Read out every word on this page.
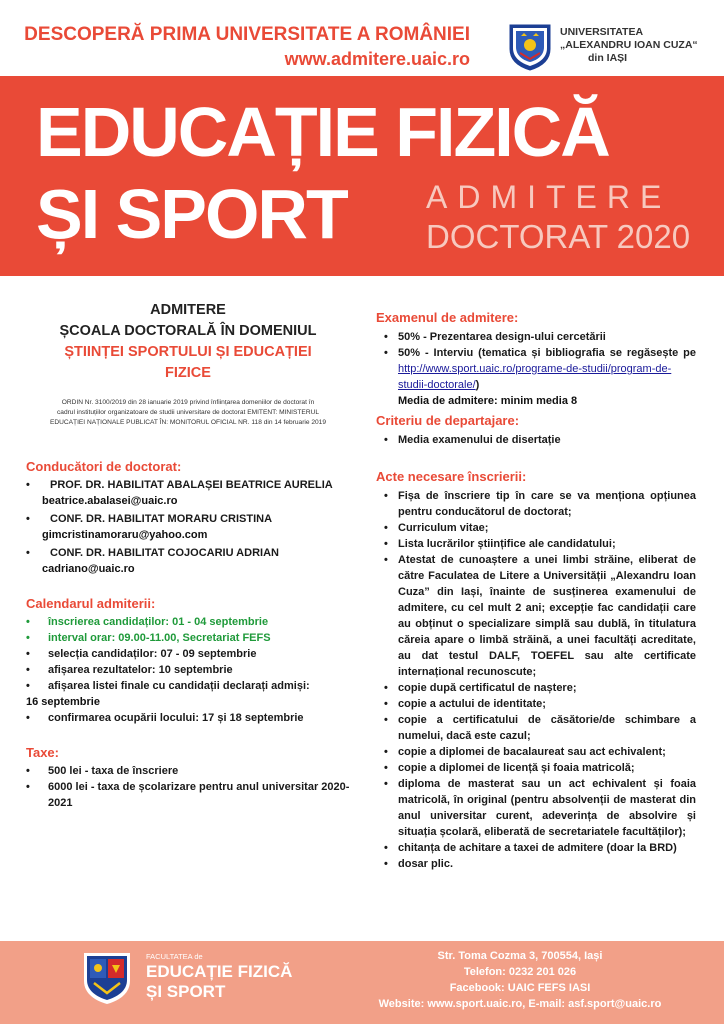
DESCOPERĂ PRIMA UNIVERSITATE A ROMÂNIEI
www.admitere.uaic.ro
UNIVERSITATEA
„ALEXANDRU IOAN CUZA“
din IAȘI
EDUCAȚIE FIZICĂ
ȘI SPORT ADMITERE
DOCTORAT 2020
ADMITERE
ȘCOALA DOCTORALĂ ÎN DOMENIUL
ȘTIINȚEI SPORTULUI ȘI EDUCAȚIEI
FIZICE
ORDIN Nr. 3100/2019 din 28 ianuarie 2019 privind înființarea domeniilor de doctorat în
cadrul instituțiilor organizatoare de studii universitare de doctorat EMITENT: MINISTERUL
EDUCAȚIEI NAȚIONALE PUBLICAT ÎN: MONITORUL OFICIAL NR. 118 din 14 februarie 2019
Conducători de doctorat:
•	PROF. DR. HABILITAT ABALAȘEI BEATRICE AURELIA
beatrice.abalasei@uaic.ro
•	CONF. DR. HABILITAT MORARU CRISTINA
gimcristinamoraru@yahoo.com
•	CONF. DR. HABILITAT COJOCARIU ADRIAN
cadriano@uaic.ro
Calendarul admiterii:
•	înscrierea candidaților: 01 - 04 septembrie
•	interval orar: 09.00-11.00, Secretariat FEFS
•	selecția candidaților: 07 - 09 septembrie
•	afișarea rezultatelor: 10 septembrie
•	afișarea listei finale cu candidații declarați admiși:
16 septembrie
•	confirmarea ocupării locului: 17 și 18 septembrie
Taxe:
•	500 lei - taxa de înscriere
•	6000 lei - taxa de școlarizare pentru anul universitar 2020-2021
Examenul de admitere:
• 50% - Prezentarea design-ului cercetării
• 50% - Interviu (tematica și bibliografia se regăsește pe http://www.sport.uaic.ro/programe-de-studii/program-de-studii-doctorale/)
Media de admitere: minim media 8
Criteriu de departajare:
• Media examenului de disertație
Acte necesare înscrierii:
• Fișa de înscriere tip în care se va menționa opțiunea pentru conducătorul de doctorat;
• Curriculum vitae;
• Lista lucrărilor științifice ale candidatului;
• Atestat de cunoaștere a unei limbi străine, eliberat de către Faculatea de Litere a Universității „Alexandru Ioan Cuza” din Iași, înainte de susținerea examenului de admitere, cu cel mult 2 ani; excepție fac candidații care au obținut o specializare simplă sau dublă, în titulatura căreia apare o limbă străină, a unei facultăți acreditate, au dat testul DALF, TOEFEL sau alte certificate internațional recunoscute;
• copie după certificatul de naștere;
• copie a actului de identitate;
• copie a certificatului de căsătorie/de schimbare a numelui, dacă este cazul;
• copie a diplomei de bacalaureat sau act echivalent;
• copie a diplomei de licență și foaia matricolă;
• diploma de masterat sau un act echivalent și foaia matricolă, în original (pentru absolvenții de masterat din anul universitar curent, adeverința de absolvire și situația școlară, eliberată de secretariatele facultăților);
• chitanța de achitare a taxei de admitere (doar la BRD)
• dosar plic.
FACULTATEA de
EDUCAȚIE FIZICĂ
ȘI SPORT
Str. Toma Cozma 3, 700554, Iași
Telefon: 0232 201 026
Facebook: UAIC FEFS IASI
Website: www.sport.uaic.ro, E-mail: asf.sport@uaic.ro
